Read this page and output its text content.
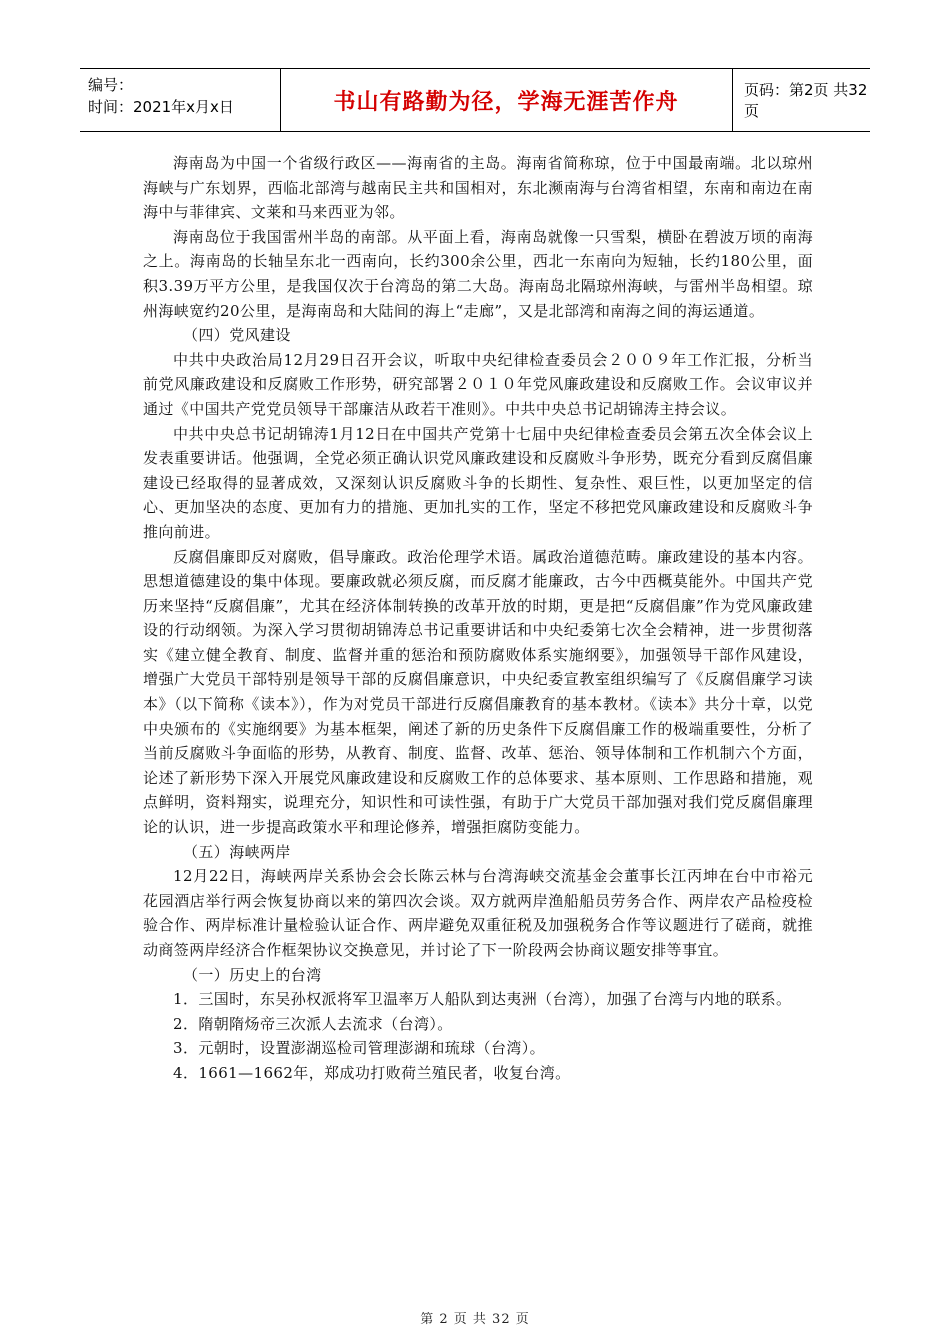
编号：
时间：2021年x月x日	书山有路勤为径，学海无涯苦作舟	页码：第2页 共32页

海南岛为中国一个省级行政区——海南省的主岛。海南省简称琼，位于中国最南端。北以琼州海峡与广东划界，西临北部湾与越南民主共和国相对，东北濒南海与台湾省相望，东南和南边在南海中与菲律宾、文莱和马来西亚为邻。

海南岛位于我国雷州半岛的南部。从平面上看，海南岛就像一只雪梨，横卧在碧波万顷的南海之上。海南岛的长轴呈东北一西南向，长约300余公里，西北一东南向为短轴，长约180公里，面积3.39万平方公里，是我国仅次于台湾岛的第二大岛。海南岛北隔琼州海峡，与雷州半岛相望。琼州海峡宽约20公里，是海南岛和大陆间的海上“走廊”，又是北部湾和南海之间的海运通道。

（四）党风建设

中共中央政治局12月29日召开会议，听取中央纪律检查委员会２００９年工作汇报，分析当前党风廉政建设和反腐败工作形势，研究部署２０１０年党风廉政建设和反腐败工作。会议审议并通过《中国共产党党员领导干部廉洁从政若干准则》。中共中央总书记胡锦涛主持会议。

中共中央总书记胡锦涛1月12日在中国共产党第十七届中央纪律检查委员会第五次全体会议上发表重要讲话。他强调，全党必须正确认识党风廉政建设和反腐败斗争形势，既充分看到反腐倡廉建设已经取得的显著成效，又深刻认识反腐败斗争的长期性、复杂性、艰巨性，以更加坚定的信心、更加坚决的态度、更加有力的措施、更加扎实的工作，坚定不移把党风廉政建设和反腐败斗争推向前进。

反腐倡廉即反对腐败，倡导廉政。政治伦理学术语。属政治道德范畴。廉政建设的基本内容。思想道德建设的集中体现。要廉政就必须反腐，而反腐才能廉政，古今中西概莫能外。中国共产党历来坚持“反腐倡廉”，尤其在经济体制转换的改革开放的时期，更是把“反腐倡廉”作为党风廉政建设的行动纲领。为深入学习贯彻胡锦涛总书记重要讲话和中央纪委第七次全会精神，进一步贯彻落实《建立健全教育、制度、监督并重的惩治和预防腐败体系实施纲要》，加强领导干部作风建设，增强广大党员干部特别是领导干部的反腐倡廉意识，中央纪委宣教室组织编写了《反腐倡廉学习读本》（以下简称《读本》），作为对党员干部进行反腐倡廉教育的基本教材。《读本》共分十章，以党中央颁布的《实施纲要》为基本框架，阐述了新的历史条件下反腐倡廉工作的极端重要性，分析了当前反腐败斗争面临的形势，从教育、制度、监督、改革、惩治、领导体制和工作机制六个方面，论述了新形势下深入开展党风廉政建设和反腐败工作的总体要求、基本原则、工作思路和措施，观点鲜明，资料翔实，说理充分，知识性和可读性强，有助于广大党员干部加强对我们党反腐倡廉理论的认识，进一步提高政策水平和理论修养，增强拒腐防变能力。

（五）海峡两岸

12月22日，海峡两岸关系协会会长陈云林与台湾海峡交流基金会董事长江丙坤在台中市裕元花园酒店举行两会恢复协商以来的第四次会谈。双方就两岸渔船船员劳务合作、两岸农产品检疫检验合作、两岸标准计量检验认证合作、两岸避免双重征税及加强税务合作等议题进行了磋商，就推动商签两岸经济合作框架协议交换意见，并讨论了下一阶段两会协商议题安排等事宜。

（一）历史上的台湾

1．三国时，东吴孙权派将军卫温率万人船队到达夷洲（台湾），加强了台湾与内地的联系。

2．隋朝隋炀帝三次派人去流求（台湾）。

3．元朝时，设置澎湖巡检司管理澎湖和琉球（台湾）。

4．1661—1662年，郑成功打败荷兰殖民者，收复台湾。

第 2 页 共 32 页
